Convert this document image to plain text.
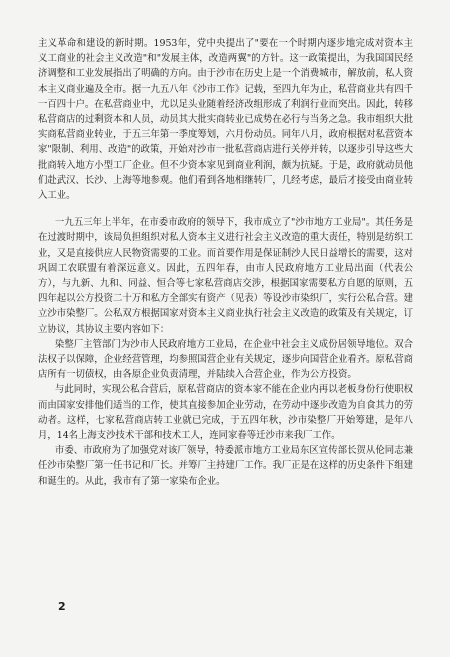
主义革命和建设的新时期。1953年，党中央提出了"要在一个时期内逐步地完成对资本主义工商业的社会主义改造"和"发展主体，改造两翼"的方针。这一政策提出，为我国国民经济调整和工业发展指出了明确的方向。由于沙市在历史上是一个消费城市，解放前，私人资本主义商业遍及全市。据一九五八年《沙市工作》记载，至四九年为止，私营商业共有四千一百四十户。在私营商业中，尤以足头业随着经济改组形成了利润行业而突出。因此，转移私营商店的过剩资本和人员，动员其大批实商转业已成势在必行与当务之急。我市组织大批实商私营商业转业，于五三年第一季度筹划，六月份动员。同年八月，政府根据对私营资本家"限制、利用、改造"的政策，开始对沙市一批私营商店进行关停并转，以逐步引导这些大批商转入地方小型工厂企业。但不少资本家见到商业利润，颇为抗疑。于是，政府就动员他们赴武汉、长沙、上海等地参观。他们看到各地相继转厂，几经考虑，最后才接受由商业转入工业。

一九五三年上半年，在市委市政府的领导下，我市成立了"沙市地方工业局"。其任务是在过渡时期中，该局负担组织对私人资本主义进行社会主义改造的重大责任，特别是纺织工业，又是直接供应人民物资需要的工业。而首要作用是保证制沙人民日益增长的需要，这对巩固工农联盟有着深远意义。因此，五四年春，由市人民政府地方工业局出面（代表公方），与九新、九和、同益、恒合等七家私营商店交涉，根据国家需要私方自愿的原则，五四年起以公方投资二十万和私方全部实有资产（见表）等设沙市染织厂，实行公私合营。建立沙市染整厂。公私双方根据国家对资本主义商业执行社会主义改造的政策及有关规定，订立协议，其协议主要内容如下：

染整厂主管部门为沙市人民政府地方工业局，在企业中社会主义成份居领导地位。双合法权子以保障，企业经营管理，均参照国营企业有关规定，逐步向国营企业看齐。原私营商店所有一切债权，由各原企业负责清理，并陆续入合营企业，作为公方投资。

与此同时，实现公私合营后，原私营商店的资本家不能在企业内再以老板身份行使职权而由国家安排他们适当的工作，使其直接参加企业劳动，在劳动中逐步改造为自食其力的劳动者。这样，七家私营商店转工业就已完成，于五四年秋，沙市染整厂开始筹建，是年八月，14名上海支沙技术干部和技术工人，连同家眷等迁沙市来我厂工作。

市委、市政府为了加强党对该厂领导，特委派市地方工业局东区宣传部长贺从伦同志兼任沙市染整厂第一任书记和厂长。并筹厂主持建厂工作。我厂正是在这样的历史条件下组建和诞生的。从此，我市有了第一家染布企业。

2
